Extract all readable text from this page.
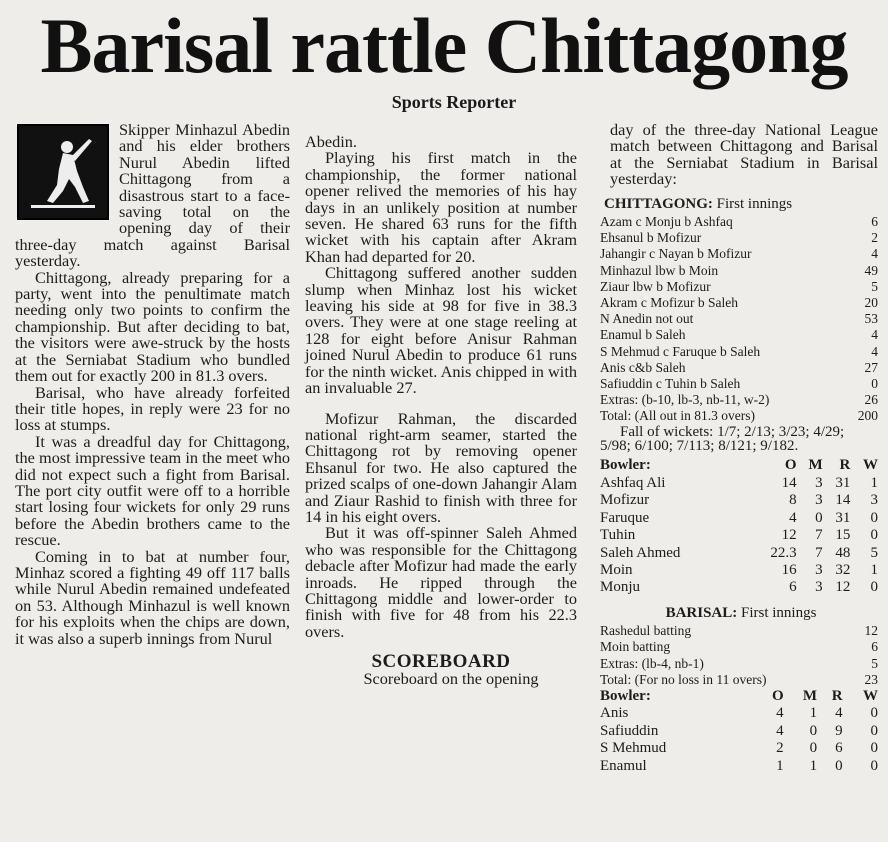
Barisal rattle Chittagong
Sports Reporter

Skipper Minhazul Abedin and his elder brothers Nurul Abedin lifted Chittagong from a disastrous start to a face-saving total on the opening day of their three-day match against Barisal yesterday.

Chittagong, already preparing for a party, went into the penultimate match needing only two points to confirm the championship. But after deciding to bat, the visitors were awe-struck by the hosts at the Serniabat Stadium who bundled them out for exactly 200 in 81.3 overs.

Barisal, who have already forfeited their title hopes, in reply were 23 for no loss at stumps.

It was a dreadful day for Chittagong, the most impressive team in the meet who did not expect such a fight from Barisal. The port city outfit were off to a horrible start losing four wickets for only 29 runs before the Abedin brothers came to the rescue.

Coming in to bat at number four, Minhaz scored a fighting 49 off 117 balls while Nurul Abedin remained undefeated on 53. Although Minhazul is well known for his exploits when the chips are down, it was also a superb innings from Nurul

Abedin.

Playing his first match in the championship, the former national opener relived the memories of his hay days in an unlikely position at number seven. He shared 63 runs for the fifth wicket with his captain after Akram Khan had departed for 20.

Chittagong suffered another sudden slump when Minhaz lost his wicket leaving his side at 98 for five in 38.3 overs. They were at one stage reeling at 128 for eight before Anisur Rahman joined Nurul Abedin to produce 61 runs for the ninth wicket. Anis chipped in with an invaluable 27.

Mofizur Rahman, the discarded national right-arm seamer, started the Chittagong rot by removing opener Ehsanul for two. He also captured the prized scalps of one-down Jahangir Alam and Ziaur Rashid to finish with three for 14 in his eight overs.

But it was off-spinner Saleh Ahmed who was responsible for the Chittagong debacle after Mofizur had made the early inroads. He ripped through the Chittagong middle and lower-order to finish with five for 48 from his 22.3 overs.

SCOREBOARD

Scoreboard on the opening

day of the three-day National League match between Chittagong and Barisal at the Serniabat Stadium in Barisal yesterday:

CHITTAGONG: First innings
Azam c Monju b Ashfaq	6
Ehsanul b Mofizur	2
Jahangir c Nayan b Mofizur	4
Minhazul lbw b Moin	49
Ziaur lbw b Mofizur	5
Akram c Mofizur b Saleh	20
N Anedin not out	53
Enamul b Saleh	4
S Mehmud c Faruque b Saleh	4
Anis c&b Saleh	27
Safiuddin c Tuhin b Saleh	0
Extras: (b-10, lb-3, nb-11, w-2)	26
Total: (All out in 81.3 overs)	200
Fall of wickets: 1/7; 2/13; 3/23; 4/29; 5/98; 6/100; 7/113; 8/121; 9/182.
Bowler:	O	M	R	W
Ashfaq Ali	14	3	31	1
Mofizur	8	3	14	3
Faruque	4	0	31	0
Tuhin	12	7	15	0
Saleh Ahmed	22.3	7	48	5
Moin	16	3	32	1
Monju	6	3	12	0
BARISAL: First innings
Rashedul batting	12
Moin batting	6
Extras: (lb-4, nb-1)	5
Total: (For no loss in 11 overs)	23
Bowler:	O	M	R	W
Anis	4	1	4	0
Safiuddin	4	0	9	0
S Mehmud	2	0	6	0
Enamul	1	1	0	0
